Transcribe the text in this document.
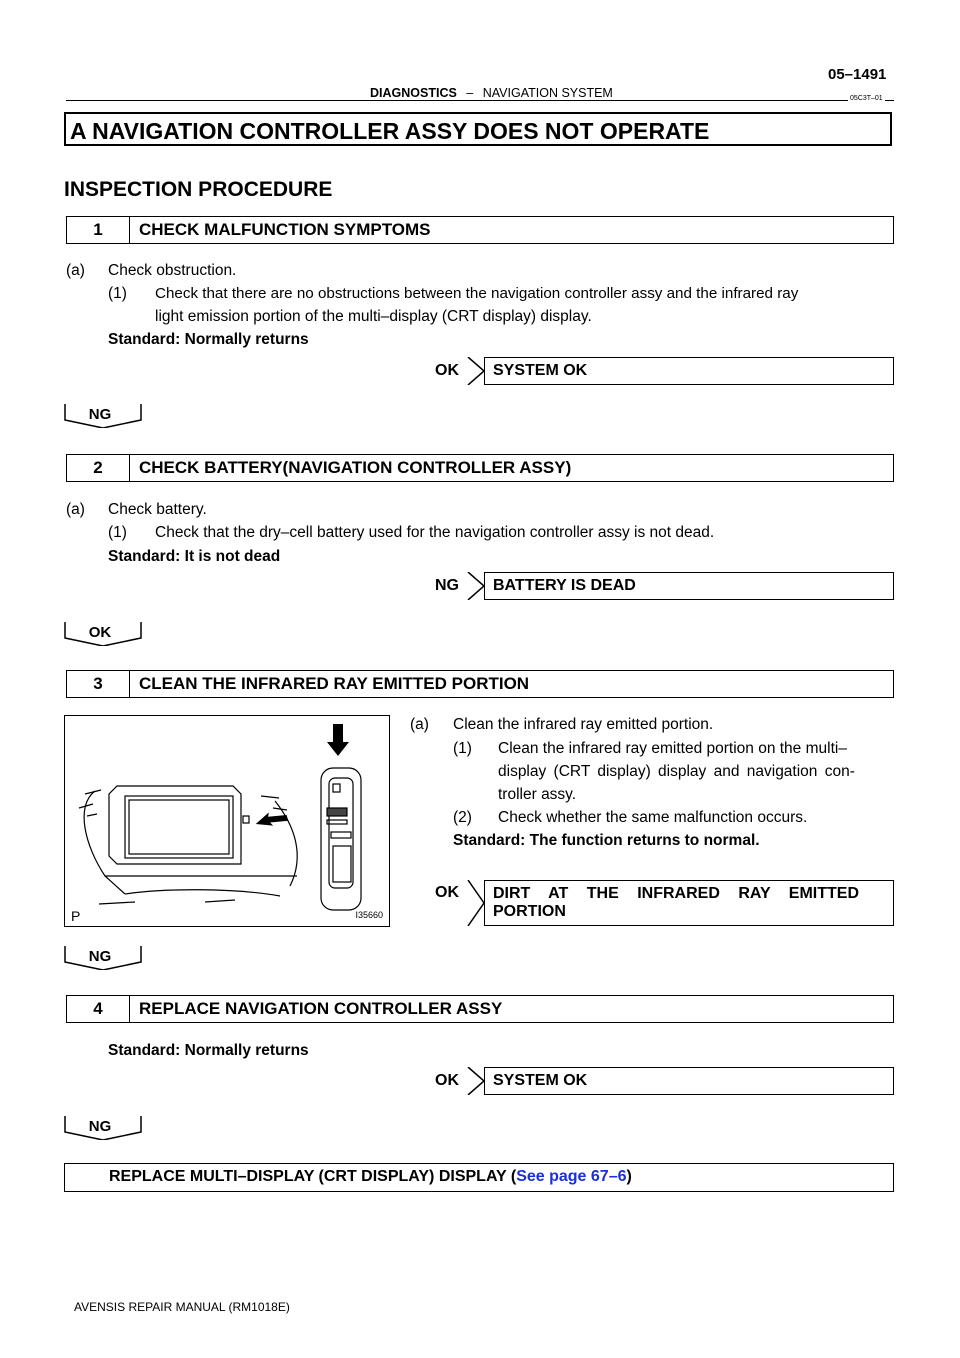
05–1491
DIAGNOSTICS – NAVIGATION SYSTEM	05C3T–01
A NAVIGATION CONTROLLER ASSY DOES NOT OPERATE
INSPECTION PROCEDURE
1	CHECK MALFUNCTION SYMPTOMS
(a) Check obstruction.
(1) Check that there are no obstructions between the navigation controller assy and the infrared ray
light emission portion of the multi–display (CRT display) display.
Standard: Normally returns
OK	SYSTEM OK
NG
2	CHECK BATTERY(NAVIGATION CONTROLLER ASSY)
(a) Check battery.
(1) Check that the dry–cell battery used for the navigation controller assy is not dead.
Standard: It is not dead
NG	BATTERY IS DEAD
OK
3	CLEAN THE INFRARED RAY EMITTED PORTION
P	I35660
(a) Clean the infrared ray emitted portion.
(1) Clean the infrared ray emitted portion on the multi–
display (CRT display) display and navigation con-
troller assy.
(2) Check whether the same malfunction occurs.
Standard: The function returns to normal.
OK	DIRT AT THE INFRARED RAY EMITTED
PORTION
NG
4	REPLACE NAVIGATION CONTROLLER ASSY
Standard: Normally returns
OK	SYSTEM OK
NG
REPLACE MULTI–DISPLAY (CRT DISPLAY) DISPLAY (See page 67–6)
AVENSIS REPAIR MANUAL (RM1018E)
